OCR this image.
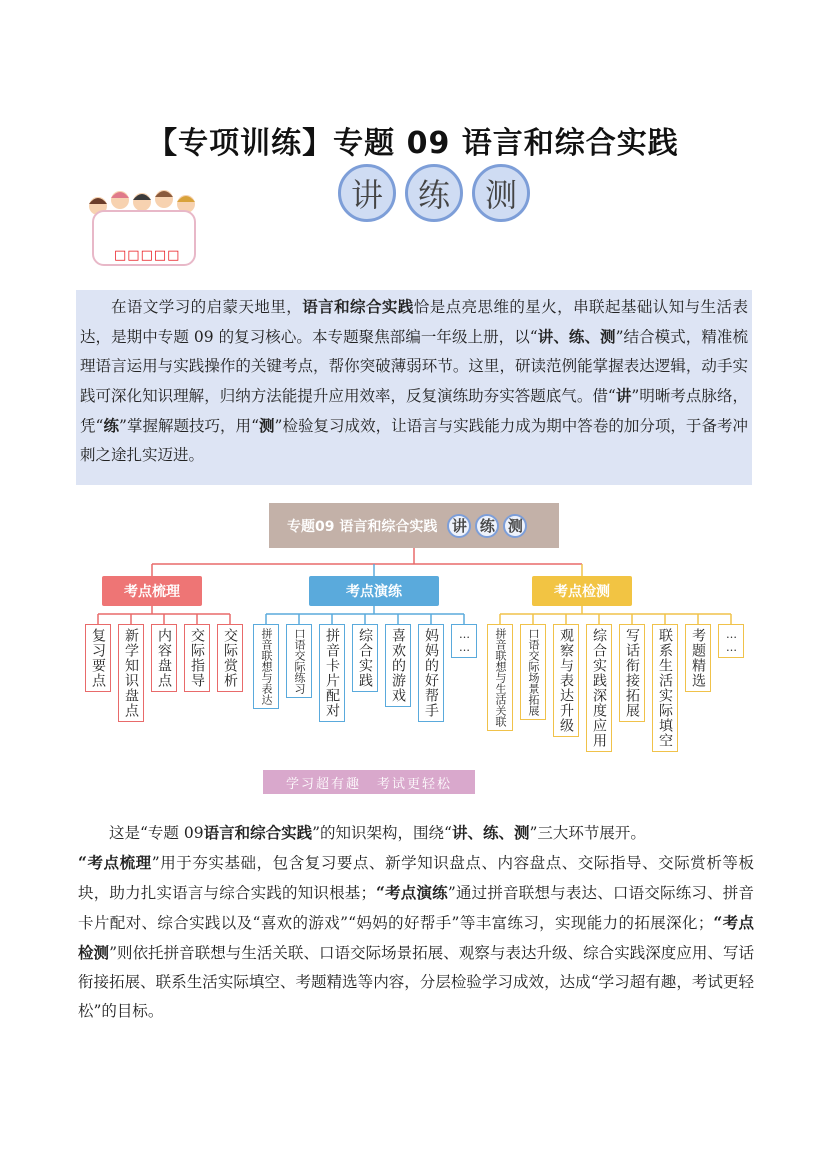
【专项训练】专题 09 语言和综合实践
讲	练	测
□□□□□
在语文学习的启蒙天地里，语言和综合实践恰是点亮思维的星火，串联起基础认知与生活表达，是期中专题 09 的复习核心。本专题聚焦部编一年级上册，以“讲、练、测”结合模式，精准梳理语言运用与实践操作的关键考点，帮你突破薄弱环节。这里，研读范例能掌握表达逻辑，动手实践可深化知识理解，归纳方法能提升应用效率，反复演练助夯实答题底气。借“讲”明晰考点脉络，凭“练”掌握解题技巧，用“测”检验复习成效，让语言与实践能力成为期中答卷的加分项，于备考冲刺之途扎实迈进。
专题09 语言和综合实践 讲 练 测
考点梳理	考点演练	考点检测
复习要点	新学知识盘点	内容盘点	交际指导	交际赏析	拼音联想与表达	口语交际练习	拼音卡片配对	综合实践	喜欢的游戏	妈妈的好帮手	……	拼音联想与生活关联	口语交际场景拓展	观察与表达升级	综合实践深度应用	写话衔接拓展	联系生活实际填空	考题精选	……
学习超有趣 考试更轻松

这是“专题 09语言和综合实践”的知识架构，围绕“讲、练、测”三大环节展开。

“考点梳理”用于夯实基础，包含复习要点、新学知识盘点、内容盘点、交际指导、交际赏析等板块，助力扎实语言与综合实践的知识根基；“考点演练”通过拼音联想与表达、口语交际练习、拼音卡片配对、综合实践以及“喜欢的游戏”“妈妈的好帮手”等丰富练习，实现能力的拓展深化；“考点检测”则依托拼音联想与生活关联、口语交际场景拓展、观察与表达升级、综合实践深度应用、写话衔接拓展、联系生活实际填空、考题精选等内容，分层检验学习成效，达成“学习超有趣，考试更轻松”的目标。
